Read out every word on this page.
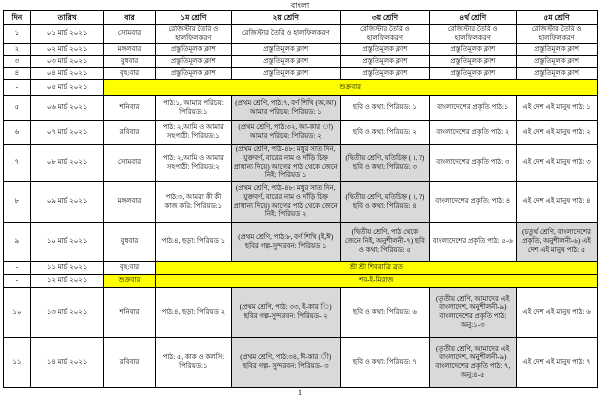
বাংলা
দিন	তারিখ	বার	১ম শ্রেণি	২য় শ্রেণি	৩য় শ্রেণি	৪র্থ শ্রেণি	৫ম শ্রেণি
১	০১ মার্চ ২০২১	সোমবার	রেজিস্টার তৈরি ও হালফিলকরণ	রেজিস্টার তৈরি ও হালফিলকরণ	রেজিস্টার তৈরি ও হালফিলকরণ	রেজিস্টার তৈরি ও হালফিলকরণ	রেজিস্টার তৈরি ও হালফিলকরণ
২	০২ মার্চ ২০২১	মঙ্গলবার	প্রস্তুতিমূলক ক্লাশ	প্রস্তুতিমূলক ক্লাশ	প্রস্তুতিমূলক ক্লাশ	প্রস্তুতিমূলক ক্লাশ	প্রস্তুতিমূলক ক্লাশ
৩	০৩ মার্চ ২০২১	বুধবার	প্রস্তুতিমূলক ক্লাশ	প্রস্তুতিমূলক ক্লাশ	প্রস্তুতিমূলক ক্লাশ	প্রস্তুতিমূলক ক্লাশ	প্রস্তুতিমূলক ক্লাশ
৪	০৪ মার্চ ২০২১	বৃহ:বার	প্রস্তুতিমূলক ক্লাশ	প্রস্তুতিমূলক ক্লাশ	প্রস্তুতিমূলক ক্লাশ	প্রস্তুতিমূলক ক্লাশ	প্রস্তুতিমূলক ক্লাশ
-	০৫ মার্চ ২০২১	শুক্রবার					
৫	০৬ মার্চ ২০২১	শনিবার	পাঠ:১, আমার পরিচয়: পিরিয়ড:১	(প্রথম শ্রেণি, পাঠ:৭, বর্ণ শিখি (অ,আ) আমার পরিচয়: পিরিয়ড: ১	ছবি ও কথা: পিরিয়ড: ১	বাংলাদেশের প্রকৃতি পাঠ:১	এই দেশ এই মানুষ পাঠ: ১
৬	০৭ মার্চ ২০২১	রবিবার	পাঠ: ২,আমি ও আমার সহপাঠী: পিরিয়ড:১	(প্রথম শ্রেণি, পাঠ:৩২, আ-কার া) আমার পরিচয়: পিরিয়ড: ২	ছবি ও কথা: পিরিয়ড: ২	বাংলাদেশের প্রকৃতি পাঠ: ২	এই দেশ এই মানুষ পাঠ: ২
৭	০৮ মার্চ ২০২১	সোমবার	পাঠ: ২,আমি ও আমার সহপাঠী: পিরিয়ড:২	(প্রথম শ্রেণি, পাঠ-৪৮: মধুর সাত দিন, যুক্তবর্ণ, বারের নাম ও দাঁড়ি চিহ্ন প্রাধান্য দিয়ে) আগের পাঠ থেকে জেনে নিই: পিরিয়ড ১	(দ্বিতীয় শ্রেণি, যতিচিহ্ন ( ।, ?) ছবি ও কথা: পিরিয়ড: ৩	বাংলাদেশের প্রকৃতি পাঠ: ৩	এই দেশ এই মানুষ পাঠ: ৩
৮	০৯ মার্চ ২০২১	মঙ্গলবার	পাঠ:৩, আমরা কী কী কাজ করি: পিরিয়ড:১	(প্রথম শ্রেণি, পাঠ-৪৮: মধুর সাত দিন, যুক্তবর্ণ, বারের নাম ও দাঁড়ি চিহ্ন প্রাধান্য দিয়ে) আগের পাঠ থেকে জেনে নিই: পিরিয়ড ২	(দ্বিতীয় শ্রেণি, যতিচিহ্ন ( ।, ?) ছবি ও কথা: পিরিয়ড: ৪	বাংলাদেশের প্রকৃতি: পাঠ: ৪	এই দেশ এই মানুষ পাঠ: ৪
৯	১০ মার্চ ২০২১	বুধবার	পাঠ:৪, ছড়া: পিরিয়ড ১	(প্রথম শ্রেণি, পাঠ:৮, বর্ণ শিখি (ই,ঈ) ছবির গল্প-সুন্দরবন: পিরিয়ড ১	(দ্বিতীয় শ্রেণি, পাঠ থেকে জেনে নিই, অনুশীলনী-৭) ছবি ও কথা: পিরিয়ড: ৫	বাংলাদেশের প্রকৃতি পাঠ: ৫-৬	(চতুর্থ শ্রেণি, বাংলাদেশের প্রকৃতি, অনুশীলনী-৬) এই দেশ এই মানুষ পাঠ: ৫
-	১১ মার্চ ২০২১	বৃহ:বার	শ্রী শ্রী শিবরাত্রি ব্রত				
-	১২ মার্চ ২০২১	শুক্রবার	শব-ই-মিরাজ				
১০	১৩ মার্চ ২০২১	শনিবার	পাঠ:৪, ছড়া: পিরিয়ড ২	(প্রথম শ্রেণি, পাঠ: ৩৩, ই-কার ি) ছবির গল্প-সুন্দরবন: পিরিয়ড- ২	ছবি ও কথা: পিরিয়ড: ৬	(তৃতীয় শ্রেণি, আমাদের এই বাংলাদেশ, অনুশীলনী-৯) বাংলাদেশের প্রকৃতি পাঠ: অনু:১-৩	এই দেশ এই মানুষ পাঠ: ৬
১১	১৪ মার্চ ২০২১	রবিবার	পাঠ: ৫, কাক ও কলসি: পিরিয়ড:১	(প্রথম শ্রেণি, পাঠ:৩৪, ঈ-কার ী) ছবির গল্প- সুন্দরবন: পিরিয়ড- ৩	ছবি ও কথা: পিরিয়ড: ৭	(তৃতীয় শ্রেণি, আমাদের এই বাংলাদেশ, অনুশীলনী-৯) বাংলাদেশের প্রকৃতি পাঠ: ৭, অনু:৪-৫	এই দেশ এই মানুষ পাঠ: ৭
1
